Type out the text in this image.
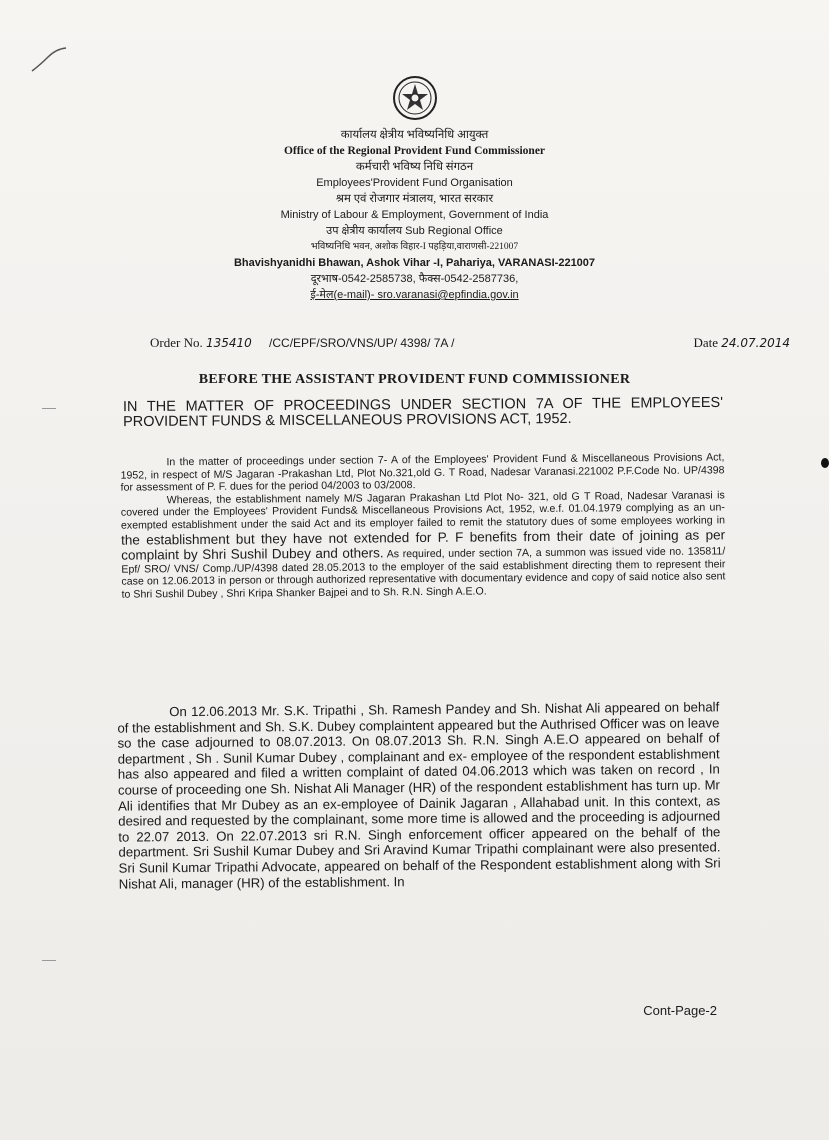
कार्यालय क्षेत्रीय भविष्यनिधि आयुक्त

Office of the Regional Provident Fund Commissioner

कर्मचारी भविष्य निधि संगठन

Employees'Provident Fund Organisation

श्रम एवं रोजगार मंत्रालय, भारत सरकार

Ministry of Labour & Employment, Government of India

उप क्षेत्रीय कार्यालय Sub Regional Office

भविष्यनिधि भवन, अशोक विहार-I पहड़िया,वाराणसी-221007

Bhavishyanidhi Bhawan, Ashok Vihar -I, Pahariya, VARANASI-221007

दूरभाष-0542-2585738, फैक्स-0542-2587736,

ई-मेल(e-mail)- sro.varanasi@epfindia.gov.in

Order No. 135410 /CC/EPF/SRO/VNS/UP/ 4398/ 7A /	Date 24.07.2014
BEFORE THE ASSISTANT PROVIDENT FUND COMMISSIONER
IN THE MATTER OF PROCEEDINGS UNDER SECTION 7A OF THE EMPLOYEES' PROVIDENT FUNDS & MISCELLANEOUS PROVISIONS ACT, 1952.

In the matter of proceedings under section 7- A of the Employees' Provident Fund & Miscellaneous Provisions Act, 1952, in respect of M/S Jagaran -Prakashan Ltd, Plot No.321,old G. T Road, Nadesar Varanasi.221002 P.F.Code No. UP/4398 for assessment of P. F. dues for the period 04/2003 to 03/2008.

Whereas, the establishment namely M/S Jagaran Prakashan Ltd Plot No- 321, old G T Road, Nadesar Varanasi is covered under the Employees' Provident Funds& Miscellaneous Provisions Act, 1952, w.e.f. 01.04.1979 complying as an un-exempted establishment under the said Act and its employer failed to remit the statutory dues of some employees working in the establishment but they have not extended for P. F benefits from their date of joining as per complaint by Shri Sushil Dubey and others. As required, under section 7A, a summon was issued vide no. 135811/ Epf/ SRO/ VNS/ Comp./UP/4398 dated 28.05.2013 to the employer of the said establishment directing them to represent their case on 12.06.2013 in person or through authorized representative with documentary evidence and copy of said notice also sent to Shri Sushil Dubey , Shri Kripa Shanker Bajpei and to Sh. R.N. Singh A.E.O.

On 12.06.2013 Mr. S.K. Tripathi , Sh. Ramesh Pandey and Sh. Nishat Ali appeared on behalf of the establishment and Sh. S.K. Dubey complaintent appeared but the Authrised Officer was on leave so the case adjourned to 08.07.2013. On 08.07.2013 Sh. R.N. Singh A.E.O appeared on behalf of department , Sh . Sunil Kumar Dubey , complainant and ex- employee of the respondent establishment has also appeared and filed a written complaint of dated 04.06.2013 which was taken on record , In course of proceeding one Sh. Nishat Ali Manager (HR) of the respondent establishment has turn up. Mr Ali identifies that Mr Dubey as an ex-employee of Dainik Jagaran , Allahabad unit. In this context, as desired and requested by the complainant, some more time is allowed and the proceeding is adjourned to 22.07 2013. On 22.07.2013 sri R.N. Singh enforcement officer appeared on the behalf of the department. Sri Sushil Kumar Dubey and Sri Aravind Kumar Tripathi complainant were also presented. Sri Sunil Kumar Tripathi Advocate, appeared on behalf of the Respondent establishment along with Sri Nishat Ali, manager (HR) of the establishment. In

Cont-Page-2
